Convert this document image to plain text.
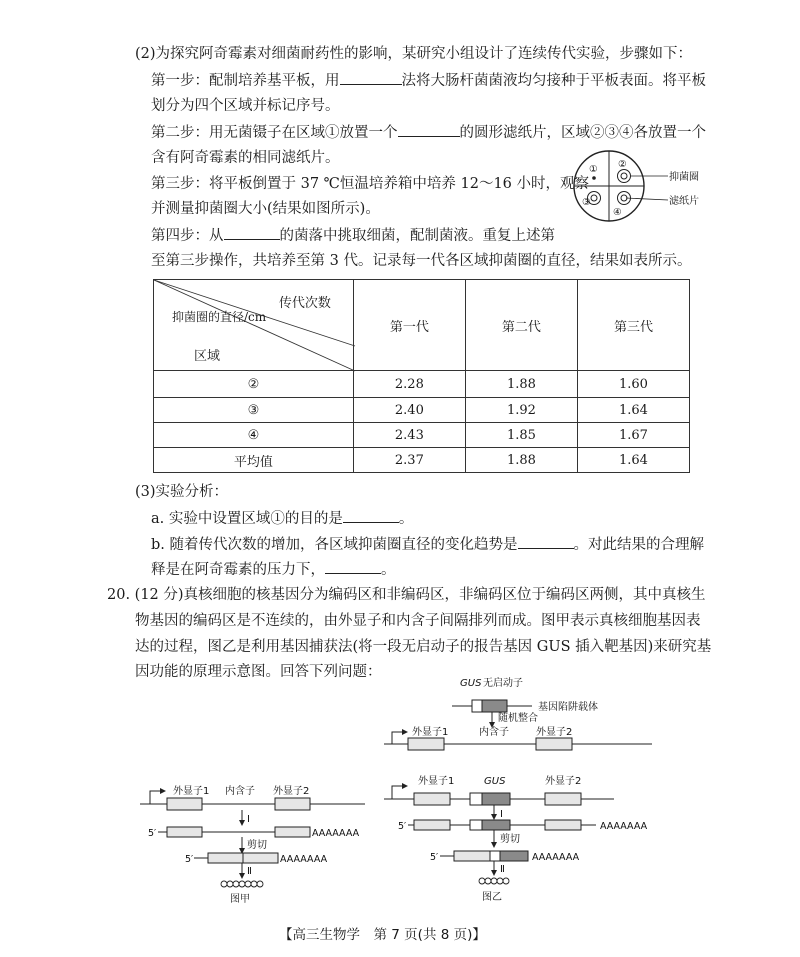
(2)为探究阿奇霉素对细菌耐药性的影响，某研究小组设计了连续传代实验，步骤如下：
第一步：配制培养基平板，用	法将大肠杆菌菌液均匀接种于平板表面。将平板
划分为四个区域并标记序号。
第二步：用无菌镊子在区域①放置一个	的圆形滤纸片，区域②③④各放置一个
含有阿奇霉素的相同滤纸片。
第三步：将平板倒置于 37 ℃恒温培养箱中培养 12～16 小时，观察
并测量抑菌圈大小(结果如图所示)。
第四步：从	的菌落中挑取细菌，配制菌液。重复上述第
至第三步操作，共培养至第 3 代。记录每一代各区域抑菌圈的直径，结果如表所示。
① ②
③
④
抑菌圈
滤纸片
传代次数
抑菌圈的直径/cm
区域	第一代	第二代	第三代
②	2.28	1.88	1.60
③	2.40	1.92	1.64
④	2.43	1.85	1.67
平均值	2.37	1.88	1.64
(3)实验分析：
a. 实验中设置区域①的目的是	。
b. 随着传代次数的增加，各区域抑菌圈直径的变化趋势是	。对此结果的合理解
释是在阿奇霉素的压力下，	。
20. (12 分)真核细胞的核基因分为编码区和非编码区，非编码区位于编码区两侧，其中真核生
物基因的编码区是不连续的，由外显子和内含子间隔排列而成。图甲表示真核细胞基因表
达的过程，图乙是利用基因捕获法(将一段无启动子的报告基因 GUS 插入靶基因)来研究基
因功能的原理示意图。回答下列问题：
外显子1 内含子 外显子2
Ⅰ
5′	AAAAAAA
剪切
5′	AAAAAAA
Ⅱ
图甲
GUS 无启动子
基因陷阱载体
随机整合
外显子1	内含子	外显子2
外显子1	GUS	外显子2
Ⅰ
5′	AAAAAAA
剪切
5′	AAAAAAA
Ⅱ
图乙
【高三生物学　第 7 页(共 8 页)】
